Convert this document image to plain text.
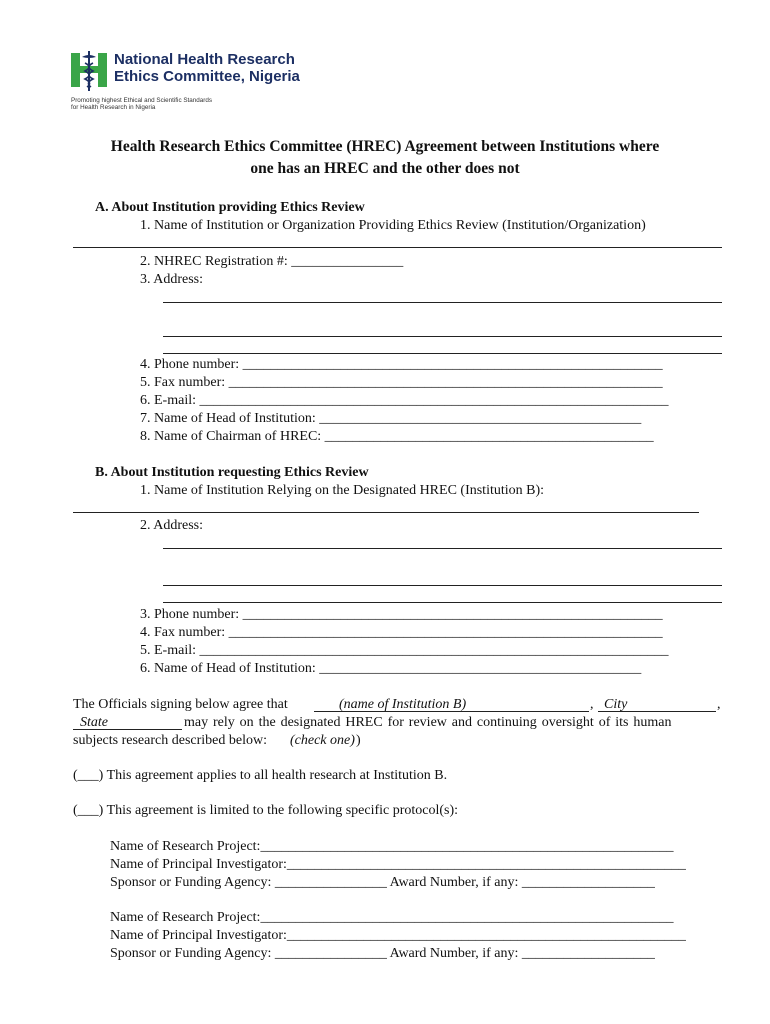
National Health Research
Ethics Committee, Nigeria
Promoting highest Ethical and Scientific Standards
for Health Research in Nigeria
Health Research Ethics Committee (HREC) Agreement between Institutions where
one has an HREC and the other does not
A. About Institution providing Ethics Review
1. Name of Institution or Organization Providing Ethics Review (Institution/Organization)
2. NHREC Registration #: ________________
3. Address:
4. Phone number: ____________________________________________________________
5. Fax number: ______________________________________________________________
6. E-mail: ___________________________________________________________________
7. Name of Head of Institution: ______________________________________________
8. Name of Chairman of HREC: _______________________________________________
B. About Institution requesting Ethics Review
1. Name of Institution Relying on the Designated HREC (Institution B):
2. Address:
3. Phone number: ____________________________________________________________
4. Fax number: ______________________________________________________________
5. E-mail: ___________________________________________________________________
6. Name of Head of Institution: ______________________________________________
The Officials signing below agree that	(name of Institution B)	, City	,
State	may rely on the designated HREC for review and continuing oversight of its human
subjects research described below: (check one) )
(___) This agreement applies to all health research at Institution B.
(___) This agreement is limited to the following specific protocol(s):
Name of Research Project:___________________________________________________________
Name of Principal Investigator:_________________________________________________________
Sponsor or Funding Agency: ________________ Award Number, if any: ___________________
Name of Research Project:___________________________________________________________
Name of Principal Investigator:_________________________________________________________
Sponsor or Funding Agency: ________________ Award Number, if any: ___________________
